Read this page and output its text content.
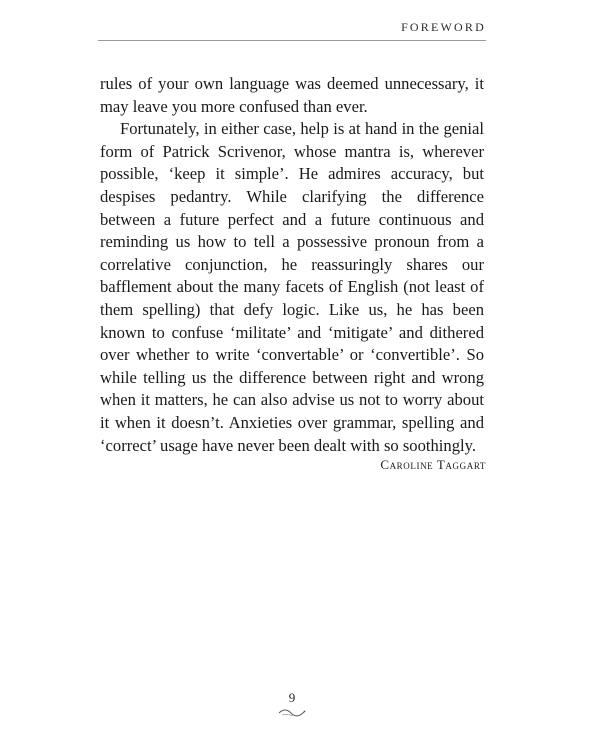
FOREWORD

rules of your own language was deemed unnecessary, it may leave you more confused than ever.

Fortunately, in either case, help is at hand in the genial form of Patrick Scrivenor, whose mantra is, wherever possible, ‘keep it simple’. He admires accuracy, but despises pedantry. While clarifying the difference between a future perfect and a future continuous and reminding us how to tell a possessive pronoun from a correlative conjunction, he reassuringly shares our bafflement about the many facets of English (not least of them spelling) that defy logic. Like us, he has been known to confuse ‘militate’ and ‘mitigate’ and dithered over whether to write ‘convertable’ or ‘convertible’. So while telling us the difference between right and wrong when it matters, he can also advise us not to worry about it when it doesn’t. Anxieties over grammar, spelling and ‘correct’ usage have never been dealt with so soothingly.

Caroline Taggart
9
